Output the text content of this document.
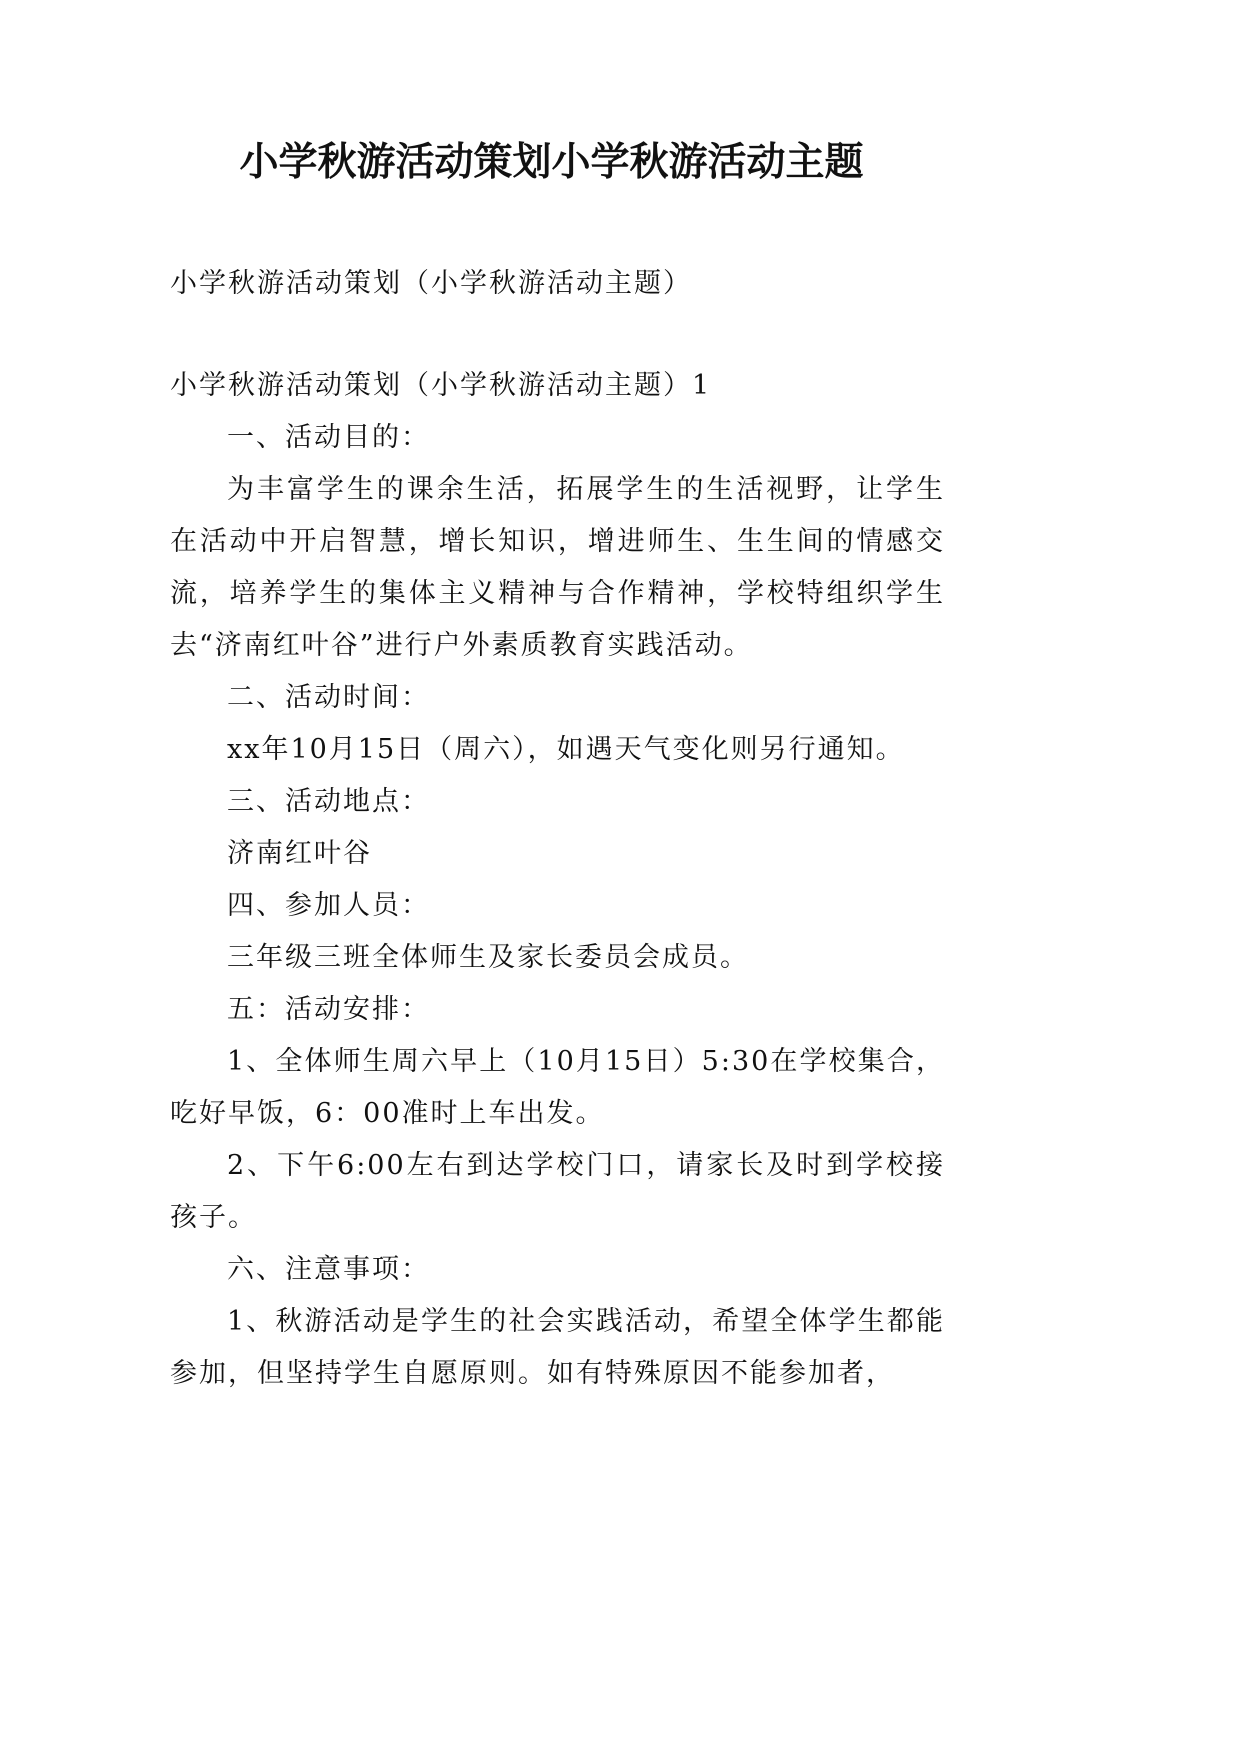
小学秋游活动策划小学秋游活动主题

小学秋游活动策划（小学秋游活动主题）

小学秋游活动策划（小学秋游活动主题）1

一、活动目的：

为丰富学生的课余生活，拓展学生的生活视野，让学生在活动中开启智慧，增长知识，增进师生、生生间的情感交流，培养学生的集体主义精神与合作精神，学校特组织学生去“济南红叶谷”进行户外素质教育实践活动。

二、活动时间：

xx年10月15日（周六），如遇天气变化则另行通知。

三、活动地点：

济南红叶谷

四、参加人员：

三年级三班全体师生及家长委员会成员。

五：活动安排：

1、全体师生周六早上（10月15日）5:30在学校集合，吃好早饭，6：00准时上车出发。

2、下午6:00左右到达学校门口，请家长及时到学校接孩子。

六、注意事项：

1、秋游活动是学生的社会实践活动，希望全体学生都能参加，但坚持学生自愿原则。如有特殊原因不能参加者，
